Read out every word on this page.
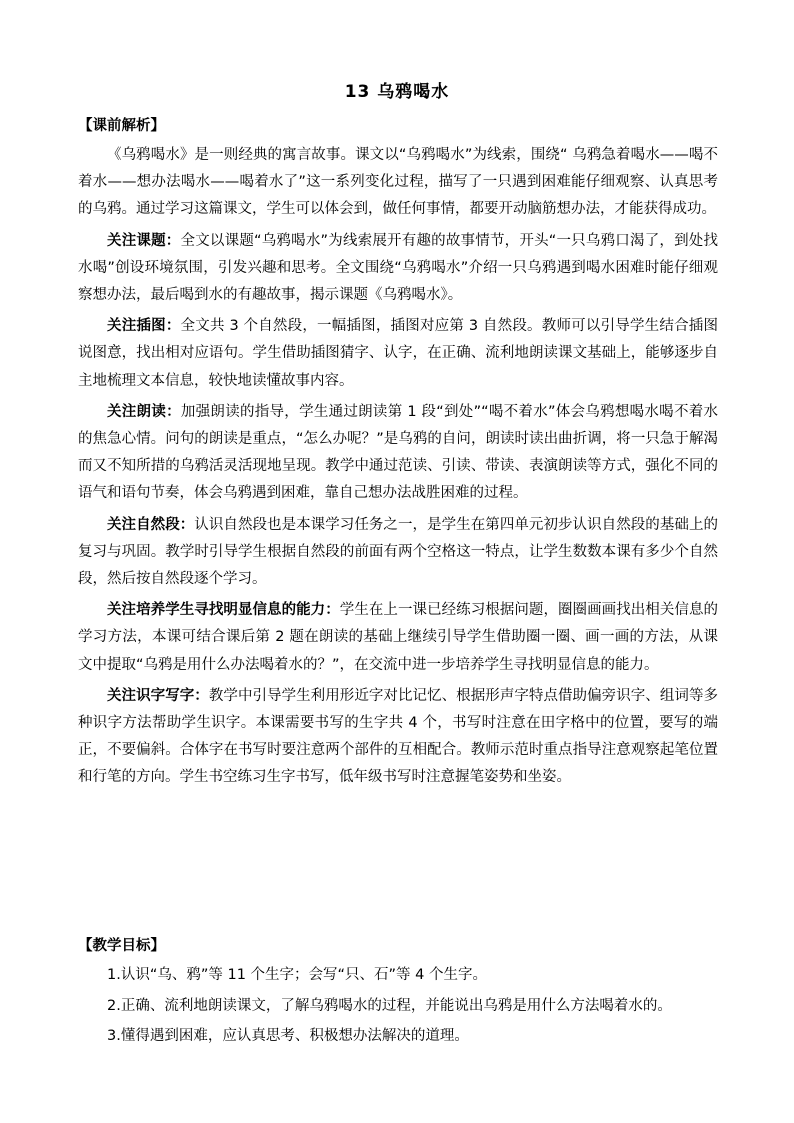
13 乌鸦喝水
【课前解析】

《乌鸦喝水》是一则经典的寓言故事。课文以“乌鸦喝水”为线索，围绕“ 乌鸦急着喝水——喝不着水——想办法喝水——喝着水了”这一系列变化过程，描写了一只遇到困难能仔细观察、认真思考的乌鸦。通过学习这篇课文，学生可以体会到，做任何事情，都要开动脑筋想办法，才能获得成功。

关注课题：全文以课题“乌鸦喝水”为线索展开有趣的故事情节，开头“一只乌鸦口渴了，到处找水喝”创设环境氛围，引发兴趣和思考。全文围绕“乌鸦喝水”介绍一只乌鸦遇到喝水困难时能仔细观察想办法，最后喝到水的有趣故事，揭示课题《乌鸦喝水》。

关注插图：全文共 3 个自然段，一幅插图，插图对应第 3 自然段。教师可以引导学生结合插图说图意，找出相对应语句。学生借助插图猜字、认字，在正确、流利地朗读课文基础上，能够逐步自主地梳理文本信息，较快地读懂故事内容。

关注朗读：加强朗读的指导，学生通过朗读第 1 段“到处”“喝不着水”体会乌鸦想喝水喝不着水的焦急心情。问句的朗读是重点，“怎么办呢？”是乌鸦的自问，朗读时读出曲折调，将一只急于解渴而又不知所措的乌鸦活灵活现地呈现。教学中通过范读、引读、带读、表演朗读等方式，强化不同的语气和语句节奏，体会乌鸦遇到困难，靠自己想办法战胜困难的过程。

关注自然段：认识自然段也是本课学习任务之一，是学生在第四单元初步认识自然段的基础上的复习与巩固。教学时引导学生根据自然段的前面有两个空格这一特点，让学生数数本课有多少个自然段，然后按自然段逐个学习。

关注培养学生寻找明显信息的能力：学生在上一课已经练习根据问题，圈圈画画找出相关信息的学习方法，本课可结合课后第 2 题在朗读的基础上继续引导学生借助圈一圈、画一画的方法，从课文中提取“乌鸦是用什么办法喝着水的？”，在交流中进一步培养学生寻找明显信息的能力。

关注识字写字：教学中引导学生利用形近字对比记忆、根据形声字特点借助偏旁识字、组词等多种识字方法帮助学生识字。本课需要书写的生字共 4 个，书写时注意在田字格中的位置，要写的端正，不要偏斜。合体字在书写时要注意两个部件的互相配合。教师示范时重点指导注意观察起笔位置和行笔的方向。学生书空练习生字书写，低年级书写时注意握笔姿势和坐姿。

【教学目标】

1.认识“乌、鸦”等 11 个生字；会写“只、石”等 4 个生字。

2.正确、流利地朗读课文，了解乌鸦喝水的过程，并能说出乌鸦是用什么方法喝着水的。

3.懂得遇到困难，应认真思考、积极想办法解决的道理。
